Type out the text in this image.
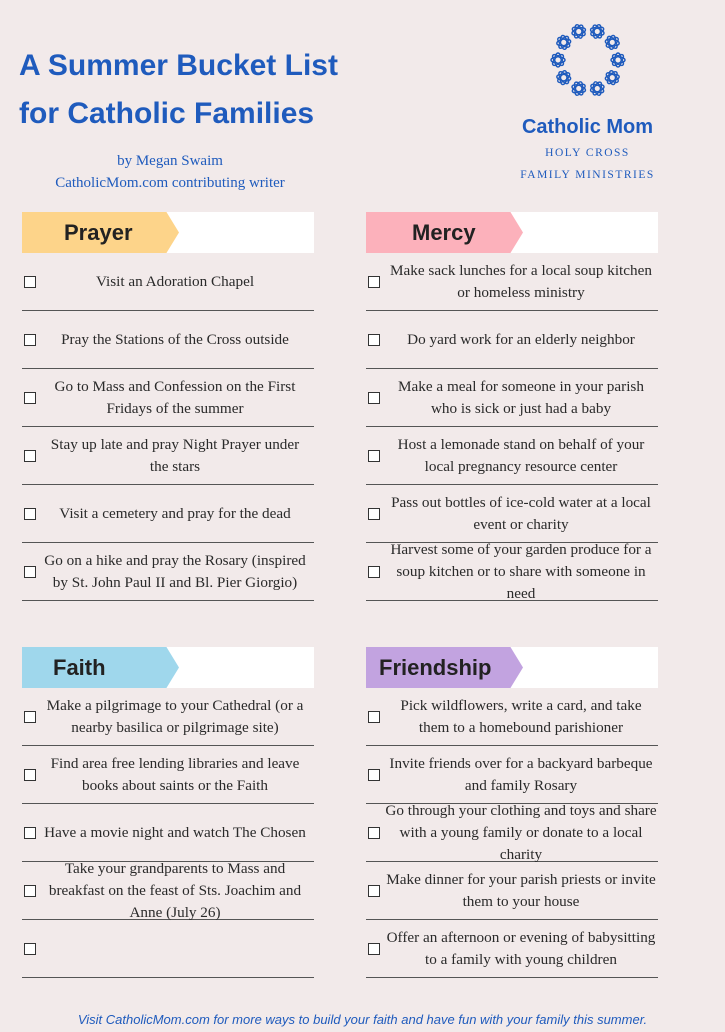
A Summer Bucket List
for Catholic Families
by Megan Swaim
CatholicMom.com contributing writer
Catholic Mom
HOLY CROSS
FAMILY MINISTRIES
Prayer
Visit an Adoration Chapel
Pray the Stations of the Cross outside
Go to Mass and Confession on the First Fridays of the summer
Stay up late and pray Night Prayer under the stars
Visit a cemetery and pray for the dead
Go on a hike and pray the Rosary (inspired by St. John Paul II and Bl. Pier Giorgio)
Mercy
Make sack lunches for a local soup kitchen or homeless ministry
Do yard work for an elderly neighbor
Make a meal for someone in your parish who is sick or just had a baby
Host a lemonade stand on behalf of your local pregnancy resource center
Pass out bottles of ice-cold water at a local event or charity
Harvest some of your garden produce for a soup kitchen or to share with someone in need
Faith
Make a pilgrimage to your Cathedral (or a nearby basilica or pilgrimage site)
Find area free lending libraries and leave books about saints or the Faith
Have a movie night and watch The Chosen
Take your grandparents to Mass and breakfast on the feast of Sts. Joachim and Anne (July 26)
Friendship
Pick wildflowers, write a card, and take them to a homebound parishioner
Invite friends over for a backyard barbeque and family Rosary
Go through your clothing and toys and share with a young family or donate to a local charity
Make dinner for your parish priests or invite them to your house
Offer an afternoon or evening of babysitting to a family with young children
Visit CatholicMom.com for more ways to build your faith and have fun with your family this summer.
